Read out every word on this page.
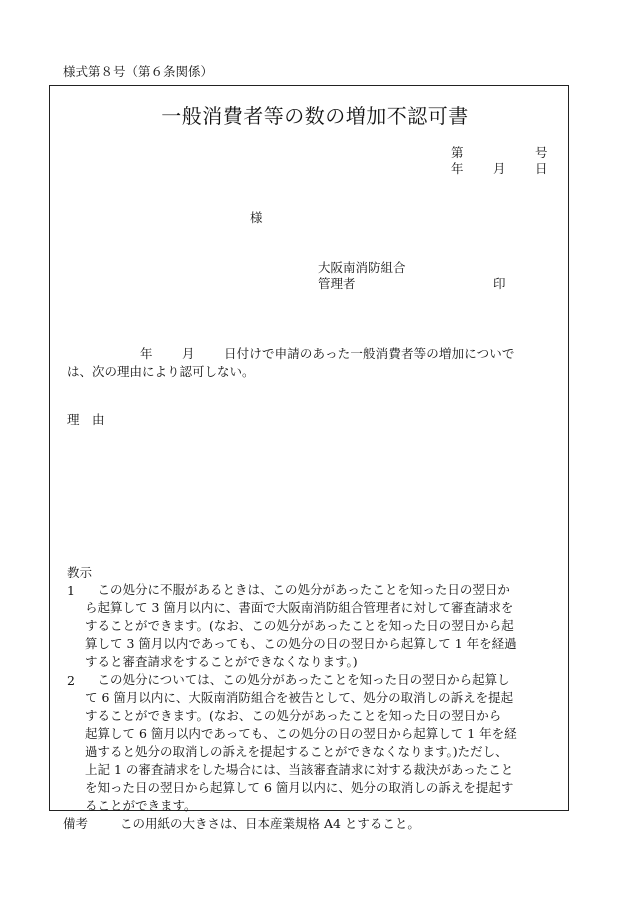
様式第８号（第６条関係）
一般消費者等の数の増加不認可書
第	号
年 月 日
様
大阪南消防組合
管理者	印
年 月 日付けで申請のあった一般消費者等の増加についで
は、次の理由により認可しない。
理　由
教示
1 　この処分に不服があるときは、この処分があったことを知った日の翌日か
ら起算して 3 箇月以内に、書面で大阪南消防組合管理者に対して審査請求を
することができます。(なお、この処分があったことを知った日の翌日から起
算して 3 箇月以内であっても、この処分の日の翌日から起算して 1 年を経過
すると審査請求をすることができなくなります。)
2 　この処分については、この処分があったことを知った日の翌日から起算し
て 6 箇月以内に、大阪南消防組合を被告として、処分の取消しの訴えを提起
することができます。(なお、この処分があったことを知った日の翌日から
起算して 6 箇月以内であっても、この処分の日の翌日から起算して 1 年を経
過すると処分の取消しの訴えを提起することができなくなります。)ただし、
上記 1 の審査請求をした場合には、当該審査請求に対する裁決があったこと
を知った日の翌日から起算して 6 箇月以内に、処分の取消しの訴えを提起す
ることができます。
備考	この用紙の大きさは、日本産業規格 A4 とすること。
